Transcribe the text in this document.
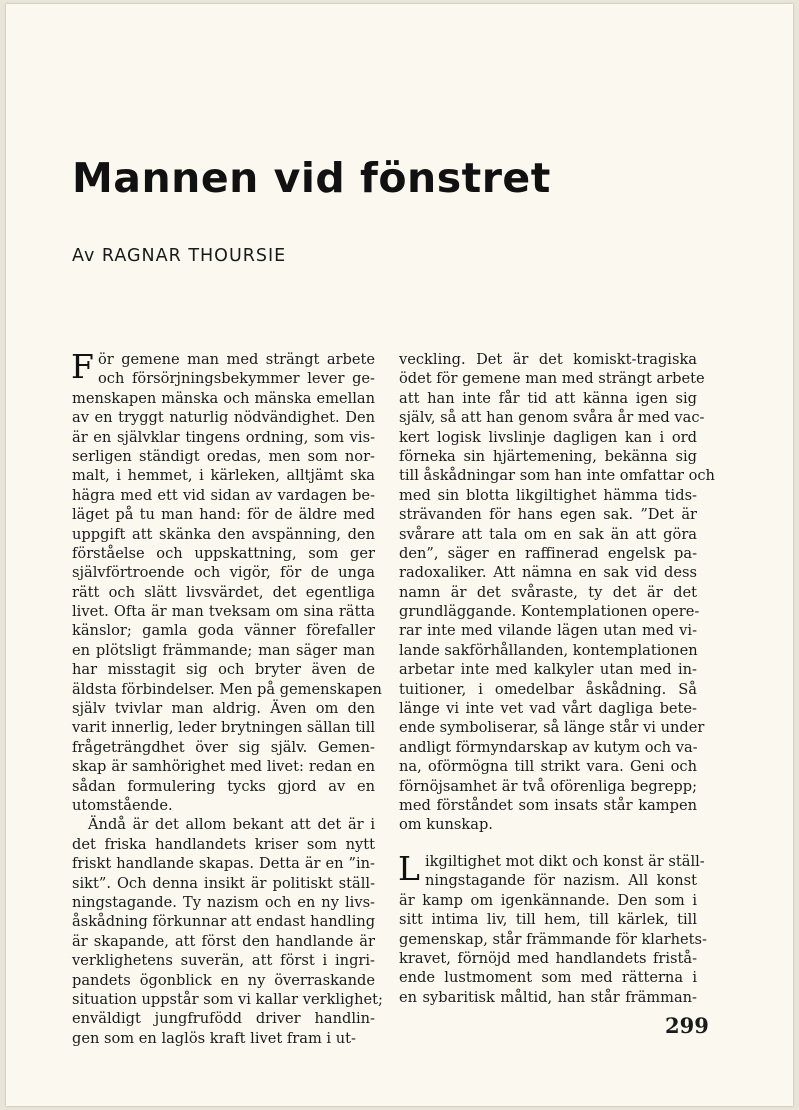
Mannen vid fönstret
Av RAGNAR THOURSIE
F ör gemene man med strängt arbete
och försörjningsbekymmer lever ge-
menskapen mänska och mänska emellan
av en tryggt naturlig nödvändighet. Den
är en självklar tingens ordning, som vis-
serligen ständigt oredas, men som nor-
malt, i hemmet, i kärleken, alltjämt ska
hägra med ett vid sidan av vardagen be-
läget på tu man hand: för de äldre med
uppgift att skänka den avspänning, den
förståelse och uppskattning, som ger
självförtroende och vigör, för de unga
rätt och slätt livsvärdet, det egentliga
livet. Ofta är man tveksam om sina rätta
känslor; gamla goda vänner förefaller
en plötsligt främmande; man säger man
har misstagit sig och bryter även de
äldsta förbindelser. Men på gemenskapen
själv tvivlar man aldrig. Även om den
varit innerlig, leder brytningen sällan till
frågeträngdhet över sig själv. Gemen-
skap är samhörighet med livet: redan en
sådan formulering tycks gjord av en
utomstående.
Ändå är det allom bekant att det är i
det friska handlandets kriser som nytt
friskt handlande skapas. Detta är en ”in-
sikt”. Och denna insikt är politiskt ställ-
ningstagande. Ty nazism och en ny livs-
åskådning förkunnar att endast handling
är skapande, att först den handlande är
verklighetens suverän, att först i ingri-
pandets ögonblick en ny överraskande
situation uppstår som vi kallar verklighet;
enväldigt jungfrufödd driver handlin-
gen som en laglös kraft livet fram i ut-
veckling. Det är det komiskt-tragiska
ödet för gemene man med strängt arbete
att han inte får tid att känna igen sig
själv, så att han genom svåra år med vac-
kert logisk livslinje dagligen kan i ord
förneka sin hjärtemening, bekänna sig
till åskådningar som han inte omfattar och
med sin blotta likgiltighet hämma tids-
strävanden för hans egen sak. ”Det är
svårare att tala om en sak än att göra
den”, säger en raffinerad engelsk pa-
radoxaliker. Att nämna en sak vid dess
namn är det svåraste, ty det är det
grundläggande. Kontemplationen opere-
rar inte med vilande lägen utan med vi-
lande sakförhållanden, kontemplationen
arbetar inte med kalkyler utan med in-
tuitioner, i omedelbar åskådning. Så
länge vi inte vet vad vårt dagliga bete-
ende symboliserar, så länge står vi under
andligt förmyndarskap av kutym och va-
na, oförmögna till strikt vara. Geni och
förnöjsamhet är två oförenliga begrepp;
med förståndet som insats står kampen
om kunskap.
L ikgiltighet mot dikt och konst är ställ-
ningstagande för nazism. All konst
är kamp om igenkännande. Den som i
sitt intima liv, till hem, till kärlek, till
gemenskap, står främmande för klarhets-
kravet, förnöjd med handlandets fristå-
ende lustmoment som med rätterna i
en sybaritisk måltid, han står främman-
299
